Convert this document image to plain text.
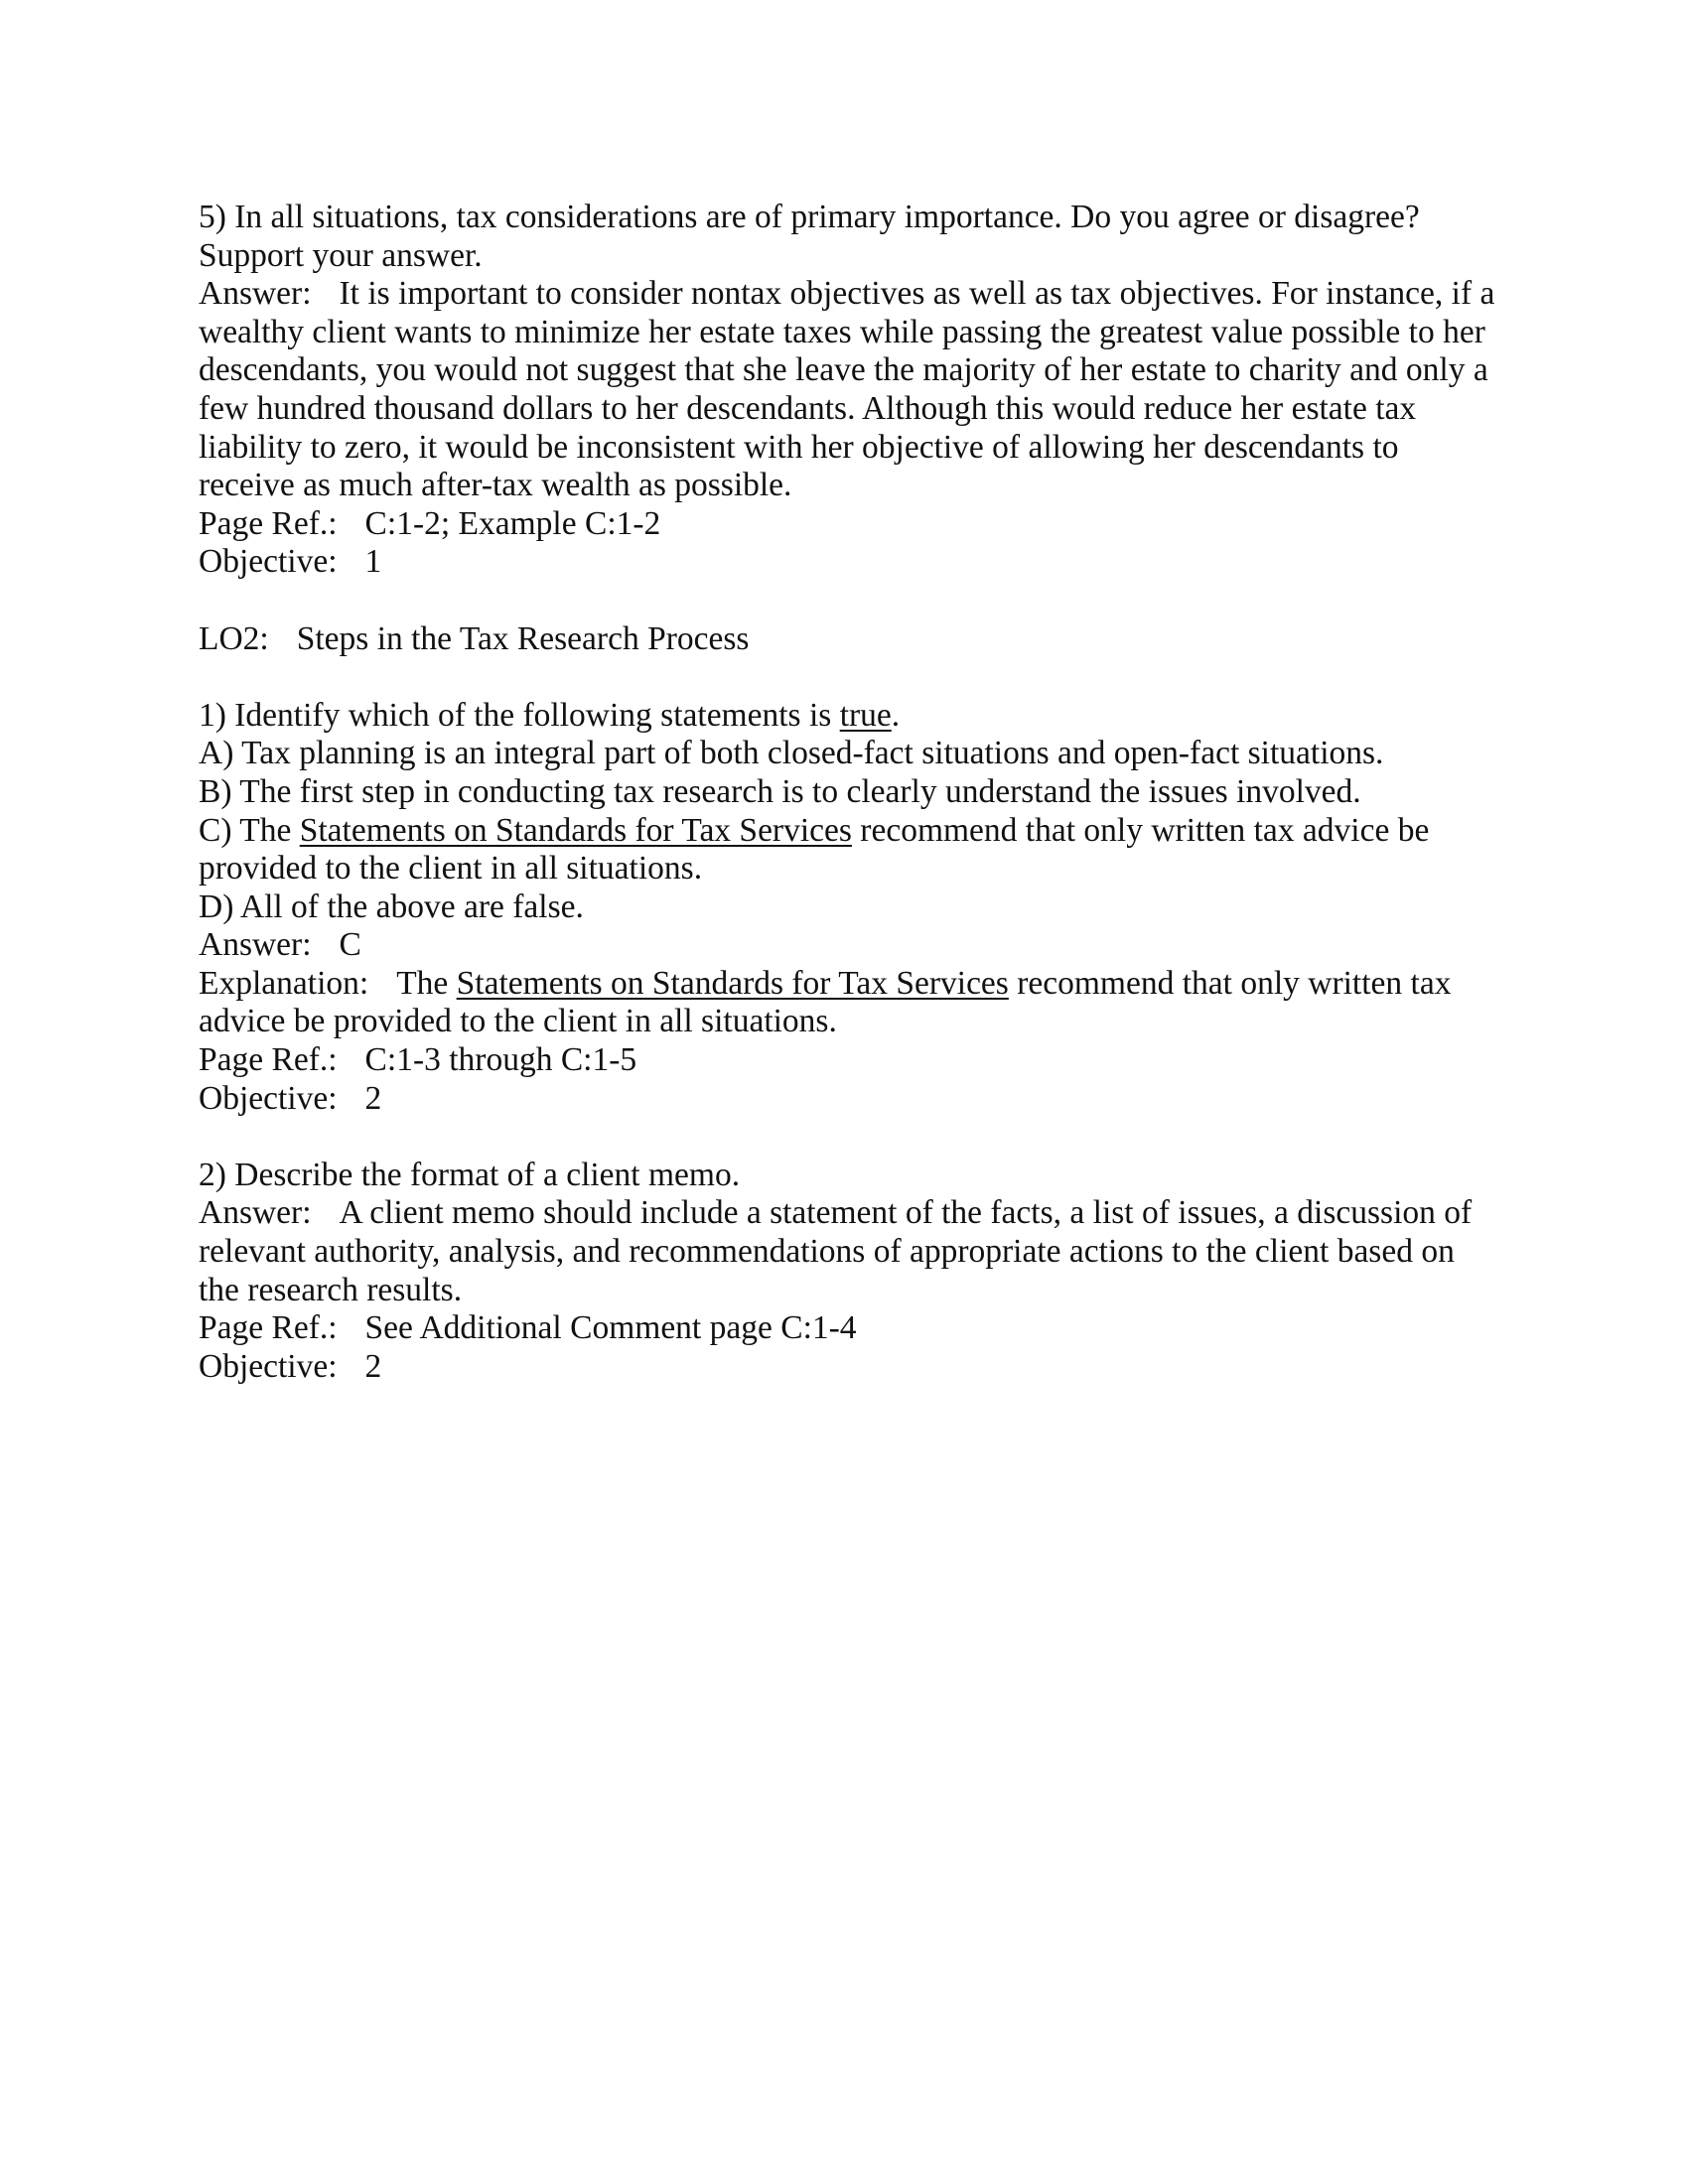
5) In all situations, tax considerations are of primary importance. Do you agree or disagree?
Support your answer.
Answer: It is important to consider nontax objectives as well as tax objectives. For instance, if a
wealthy client wants to minimize her estate taxes while passing the greatest value possible to her
descendants, you would not suggest that she leave the majority of her estate to charity and only a
few hundred thousand dollars to her descendants. Although this would reduce her estate tax
liability to zero, it would be inconsistent with her objective of allowing her descendants to
receive as much after-tax wealth as possible.
Page Ref.: C:1-2; Example C:1-2
Objective: 1
LO2: Steps in the Tax Research Process
1) Identify which of the following statements is true.
A) Tax planning is an integral part of both closed-fact situations and open-fact situations.
B) The first step in conducting tax research is to clearly understand the issues involved.
C) The Statements on Standards for Tax Services recommend that only written tax advice be
provided to the client in all situations.
D) All of the above are false.
Answer: C
Explanation: The Statements on Standards for Tax Services recommend that only written tax
advice be provided to the client in all situations.
Page Ref.: C:1-3 through C:1-5
Objective: 2
2) Describe the format of a client memo.
Answer: A client memo should include a statement of the facts, a list of issues, a discussion of
relevant authority, analysis, and recommendations of appropriate actions to the client based on
the research results.
Page Ref.: See Additional Comment page C:1-4
Objective: 2
